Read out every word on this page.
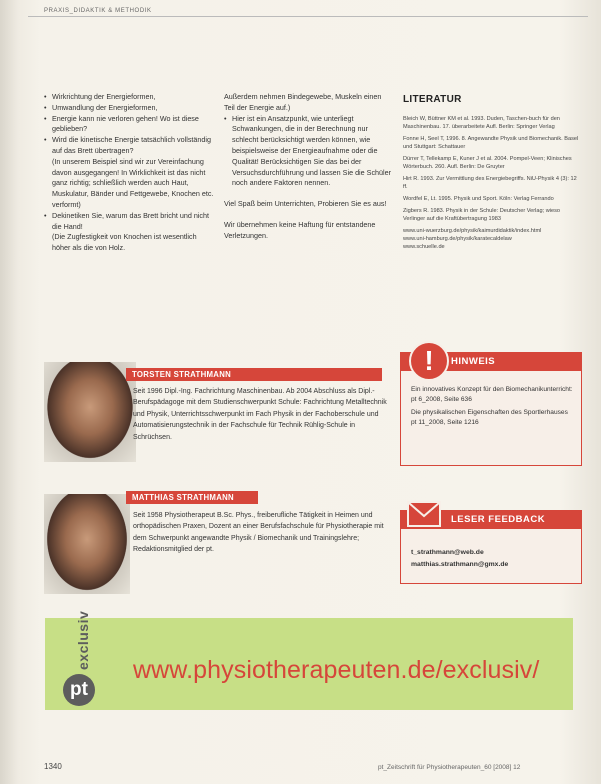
PRAXIS_DIDAKTIK & METHODIK
• Wirkrichtung der Energieformen,
• Umwandlung der Energieformen,
• Energie kann nie verloren gehen! Wo ist diese geblieben?
• Wird die kinetische Energie tatsächlich vollständig auf das Brett übertragen?

(In unserem Beispiel sind wir zur Vereinfachung davon ausgegangen! In Wirklichkeit ist das nicht ganz richtig; schließlich werden auch Haut, Muskulatur, Bänder und Fettgewebe, Knochen etc. verformt)

• Dekinetiken Sie, warum das Brett bricht und nicht die Hand!

(Die Zugfestigkeit von Knochen ist wesentlich höher als die von Holz.

Außerdem nehmen Bindegewebe, Muskeln einen Teil der Energie auf.)

• Hier ist ein Ansatzpunkt, wie unterliegt Schwankungen, die in der Berechnung nur schlecht berücksichtigt werden können, wie beispielsweise der Energieaufnahme oder die Qualität! Berücksichtigen Sie das bei der Versuchsdurchführung und lassen Sie die Schüler noch andere Faktoren nennen.

Viel Spaß beim Unterrichten, Probieren Sie es aus!

Wir übernehmen keine Haftung für entstandene Verletzungen.

LITERATUR
Bleich W, Büttner KM et al. 1993. Duden, Taschen-buch für den Maschinenbau. 17. überarbeitete Aufl. Berlin: Springer Verlag
Fonne H, Seel T, 1996. 8. Angewandte Physik und Biomechanik. Basel und Stuttgart: Schattauer
Dürrer T, Tellekamp E, Kuner J et al. 2004. Pompel-Veen; Klinisches Wörterbuch. 260. Aufl. Berlin: De Gruyter
Hirt R. 1993. Zur Vermittlung des Energiebegriffs. NiU-Physik 4 (3): 12 ff.
Wordfel E, Lt. 1995. Physik und Sport. Köln: Verlag Ferrando
Zigbers R. 1983. Physik in der Schule: Deutscher Verlag; wieso Verlinger auf die Kraftübertragung 1983
www.uni-wuerzburg.de/physik/kaimurdidaktik/index.html
www.uni-hamburg.de/physik/karatecaldelaw
www.schuelle.de
TORSTEN STRATHMANN
Seit 1996 Dipl.-Ing. Fachrichtung Maschinenbau. Ab 2004 Abschluss als Dipl.-Berufspädagoge mit dem Studienschwerpunkt Schule: Fachrichtung Metalltechnik und Physik, Unterrichtsschwerpunkt im Fach Physik in der Fachoberschule und Automatisierungstechnik in der Fachschule für Technik Rühlig-Schule in Schrüchsen.
MATTHIAS STRATHMANN
Seit 1958 Physiotherapeut B.Sc. Phys., freiberufliche Tätigkeit in Heimen und orthopädischen Praxen, Dozent an einer Berufsfachschule für Physiotherapie mit dem Schwerpunkt angewandte Physik / Biomechanik und Trainingslehre; Redaktionsmitglied der pt.
HINWEIS
!

Ein innovatives Konzept für den Biomechanikunterricht: pt 6_2008, Seite 636

Die physikalischen Eigenschaften des Sportlerhauses pt 11_2008, Seite 1216

LESER FEEDBACK
t_strathmann@web.de
matthias.strathmann@gmx.de
pt
exclusiv www.physiotherapeuten.de/exclusiv/
1340	pt_Zeitschrift für Physiotherapeuten_60 [2008] 12
